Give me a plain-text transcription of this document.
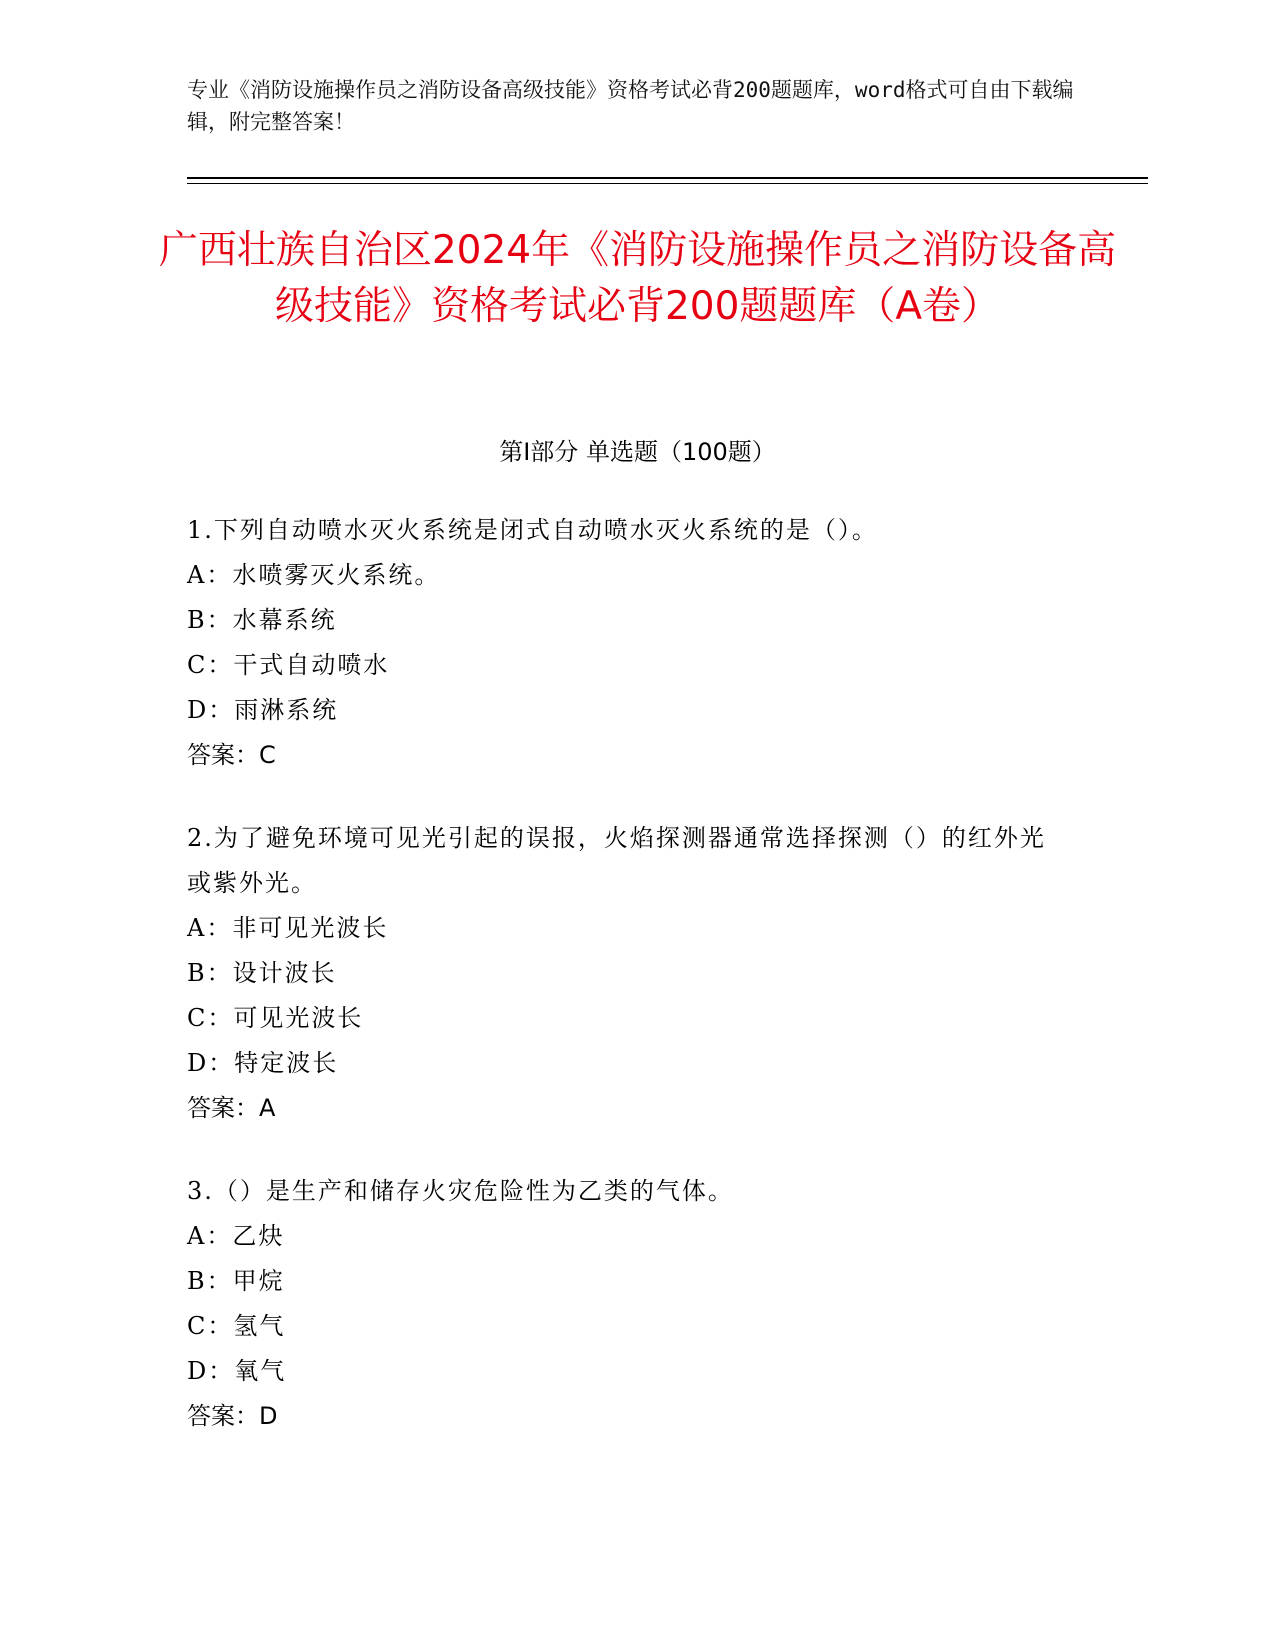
专业《消防设施操作员之消防设备高级技能》资格考试必背200题题库，word格式可自由下载编辑，附完整答案！
广西壮族自治区2024年《消防设施操作员之消防设备高级技能》资格考试必背200题题库（A卷）
第Ⅰ部分 单选题（100题）
1.下列自动喷水灭火系统是闭式自动喷水灭火系统的是（）。
A：水喷雾灭火系统。
B：水幕系统
C：干式自动喷水
D：雨淋系统
答案：C
2.为了避免环境可见光引起的误报，火焰探测器通常选择探测（）的红外光或紫外光。
A：非可见光波长
B：设计波长
C：可见光波长
D：特定波长
答案：A
3.（）是生产和储存火灾危险性为乙类的气体。
A：乙炔
B：甲烷
C：氢气
D：氧气
答案：D
